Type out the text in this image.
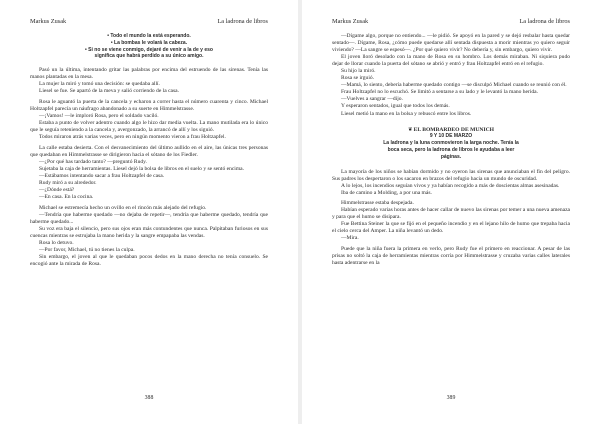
Markus Zusak	La ladrona de libros
• Todo el mundo la está esperando.
• La bombas le volará la cabeza.
• Si no se viene conmigo, dejaré de venir a la de y eso
significa que habrá perdido a su único amigo.

Pasó un la última, intentando gritar las palabras por encima del estruendo de las sirenas. Tenía las manos plantadas en la mesa.

La mujer la miró y tomó una decisión: se quedaba allí.

Liesel se fue. Se apartó de la meva y salió corriendo de la casa.

Rosa le aguantó la puerta de la cancela y echaron a correr hasta el número cuarenta y cinco. Michael Holtzapfel parecía un náufrago abandonado a su suerte en Himmelstrasse.

—¡Vamos! —le imploró Rosa, pero el soldado vaciló.

Estaba a punto de volver adentro cuando algo le hizo dar media vuelta. La mano mutilada era lo único que le seguía reteniendo a la cancela y, avergonzado, la arrancó de allí y los siguió.

Todos miraron atrás varias veces, pero en ningún momento vieron a frau Holtzapfel.

La calle estaba desierta. Con el desvanecimiento del último aullido en el aire, las únicas tres personas que quedaban en Himmelstrasse se dirigieron hacia el sótano de los Fiedler.

—¿Por qué has tardado tanto? —preguntó Rudy.

Sujetaba la caja de herramientas. Liesel dejó la bolsa de libros en el suelo y se sentó encima.

—Estábamos intentando sacar a frau Holtzapfel de casa.

Rudy miró a su alrededor.

—¿Dónde está?

—En casa. En la cocina.

Michael se estremecía hecho un ovillo en el rincón más alejado del refugio.

—Tendría que haberme quedado —no dejaba de repetir—, tendría que haberme quedado, tendría que haberme quedado...

Su voz era baja el silencio, pero sus ojos eran más contundentes que nunca. Palpitaban furiosos en sus cuencas mientras se estrujaba la mano herida y la sangre empapaba las vendas.

Rosa lo detuvo.

—Por favor, Michael, tú no tienes la culpa.

Sin embargo, el joven al que le quedaban pocos dedos en la mano derecha no tenía consuelo. Se encogió ante la mirada de Rosa.

388
Markus Zusak	La ladrona de libros

—Dígame algo, porque no entiendo... —le pidió. Se apoyó en la pared y se dejó resbalar hasta quedar sentado—. Dígame, Rosa, ¿cómo puede quedarse allí sentada dispuesta a morir mientras yo quiero seguir viviendo? —La sangre se espesó—. ¿Por qué quiero vivir? No debería y, sin embargo, quiero vivir.

El joven lloró desolado con la mano de Rosa en su hombro. Los demás miraban. Ni siquiera pudo dejar de llorar cuando la puerta del sótano se abrió y entró y frau Holtzapfel entró en el refugio.

Su hijo la miró.

Rosa se irguió.

—Mamá, lo siento, debería haberme quedado contigo —se disculpó Michael cuando se reunió con él.

Frau Holtzapfel no lo escuchó. Se limitó a sentarse a su lado y le levantó la mano herida.

—Vuelves a sangrar —dijo.

Y esperaron sentados, igual que todos los demás.

Liesel metió la mano en la bolsa y rebuscó entre los libros.

❦EL BOMBARDEO DE MUNICH
9 Y 10 DE MARZO
La ladrona y la luna conmovieron la larga noche. Tenía la
boca seca, pero la ladrona de libros le ayudaba a leer
páginas.

La mayoría de los niños se habían dormido y no oyeron las sirenas que anunciaban el fin del peligro. Sus padres los despertaron o los sacaron en brazos del refugio hacia un mundo de oscuridad.

A lo lejos, los incendios seguían vivos y ya habían recogido a más de doscientas almas asesinadas.

Iba de camino a Molding, a por una más.

Himmelstrasse estaba despejada.

Habían esperado varias horas antes de hacer callar de nuevo las sirenas por temer a una nueva amenaza y para que el humo se disipara.

Fue Bettina Steiner la que se fijó en el pequeño incendio y en el lejano hilo de humo que trepaba hacia el cielo cerca del Amper. La niña levantó un dedo.

—Mira.

Puede que la niña fuera la primera en verlo, pero Rudy fue el primero en reaccionar. A pesar de las prisas no soltó la caja de herramientas mientras corría por Himmelstrasse y cruzaba varias calles laterales hasta adentrarse en la

389
